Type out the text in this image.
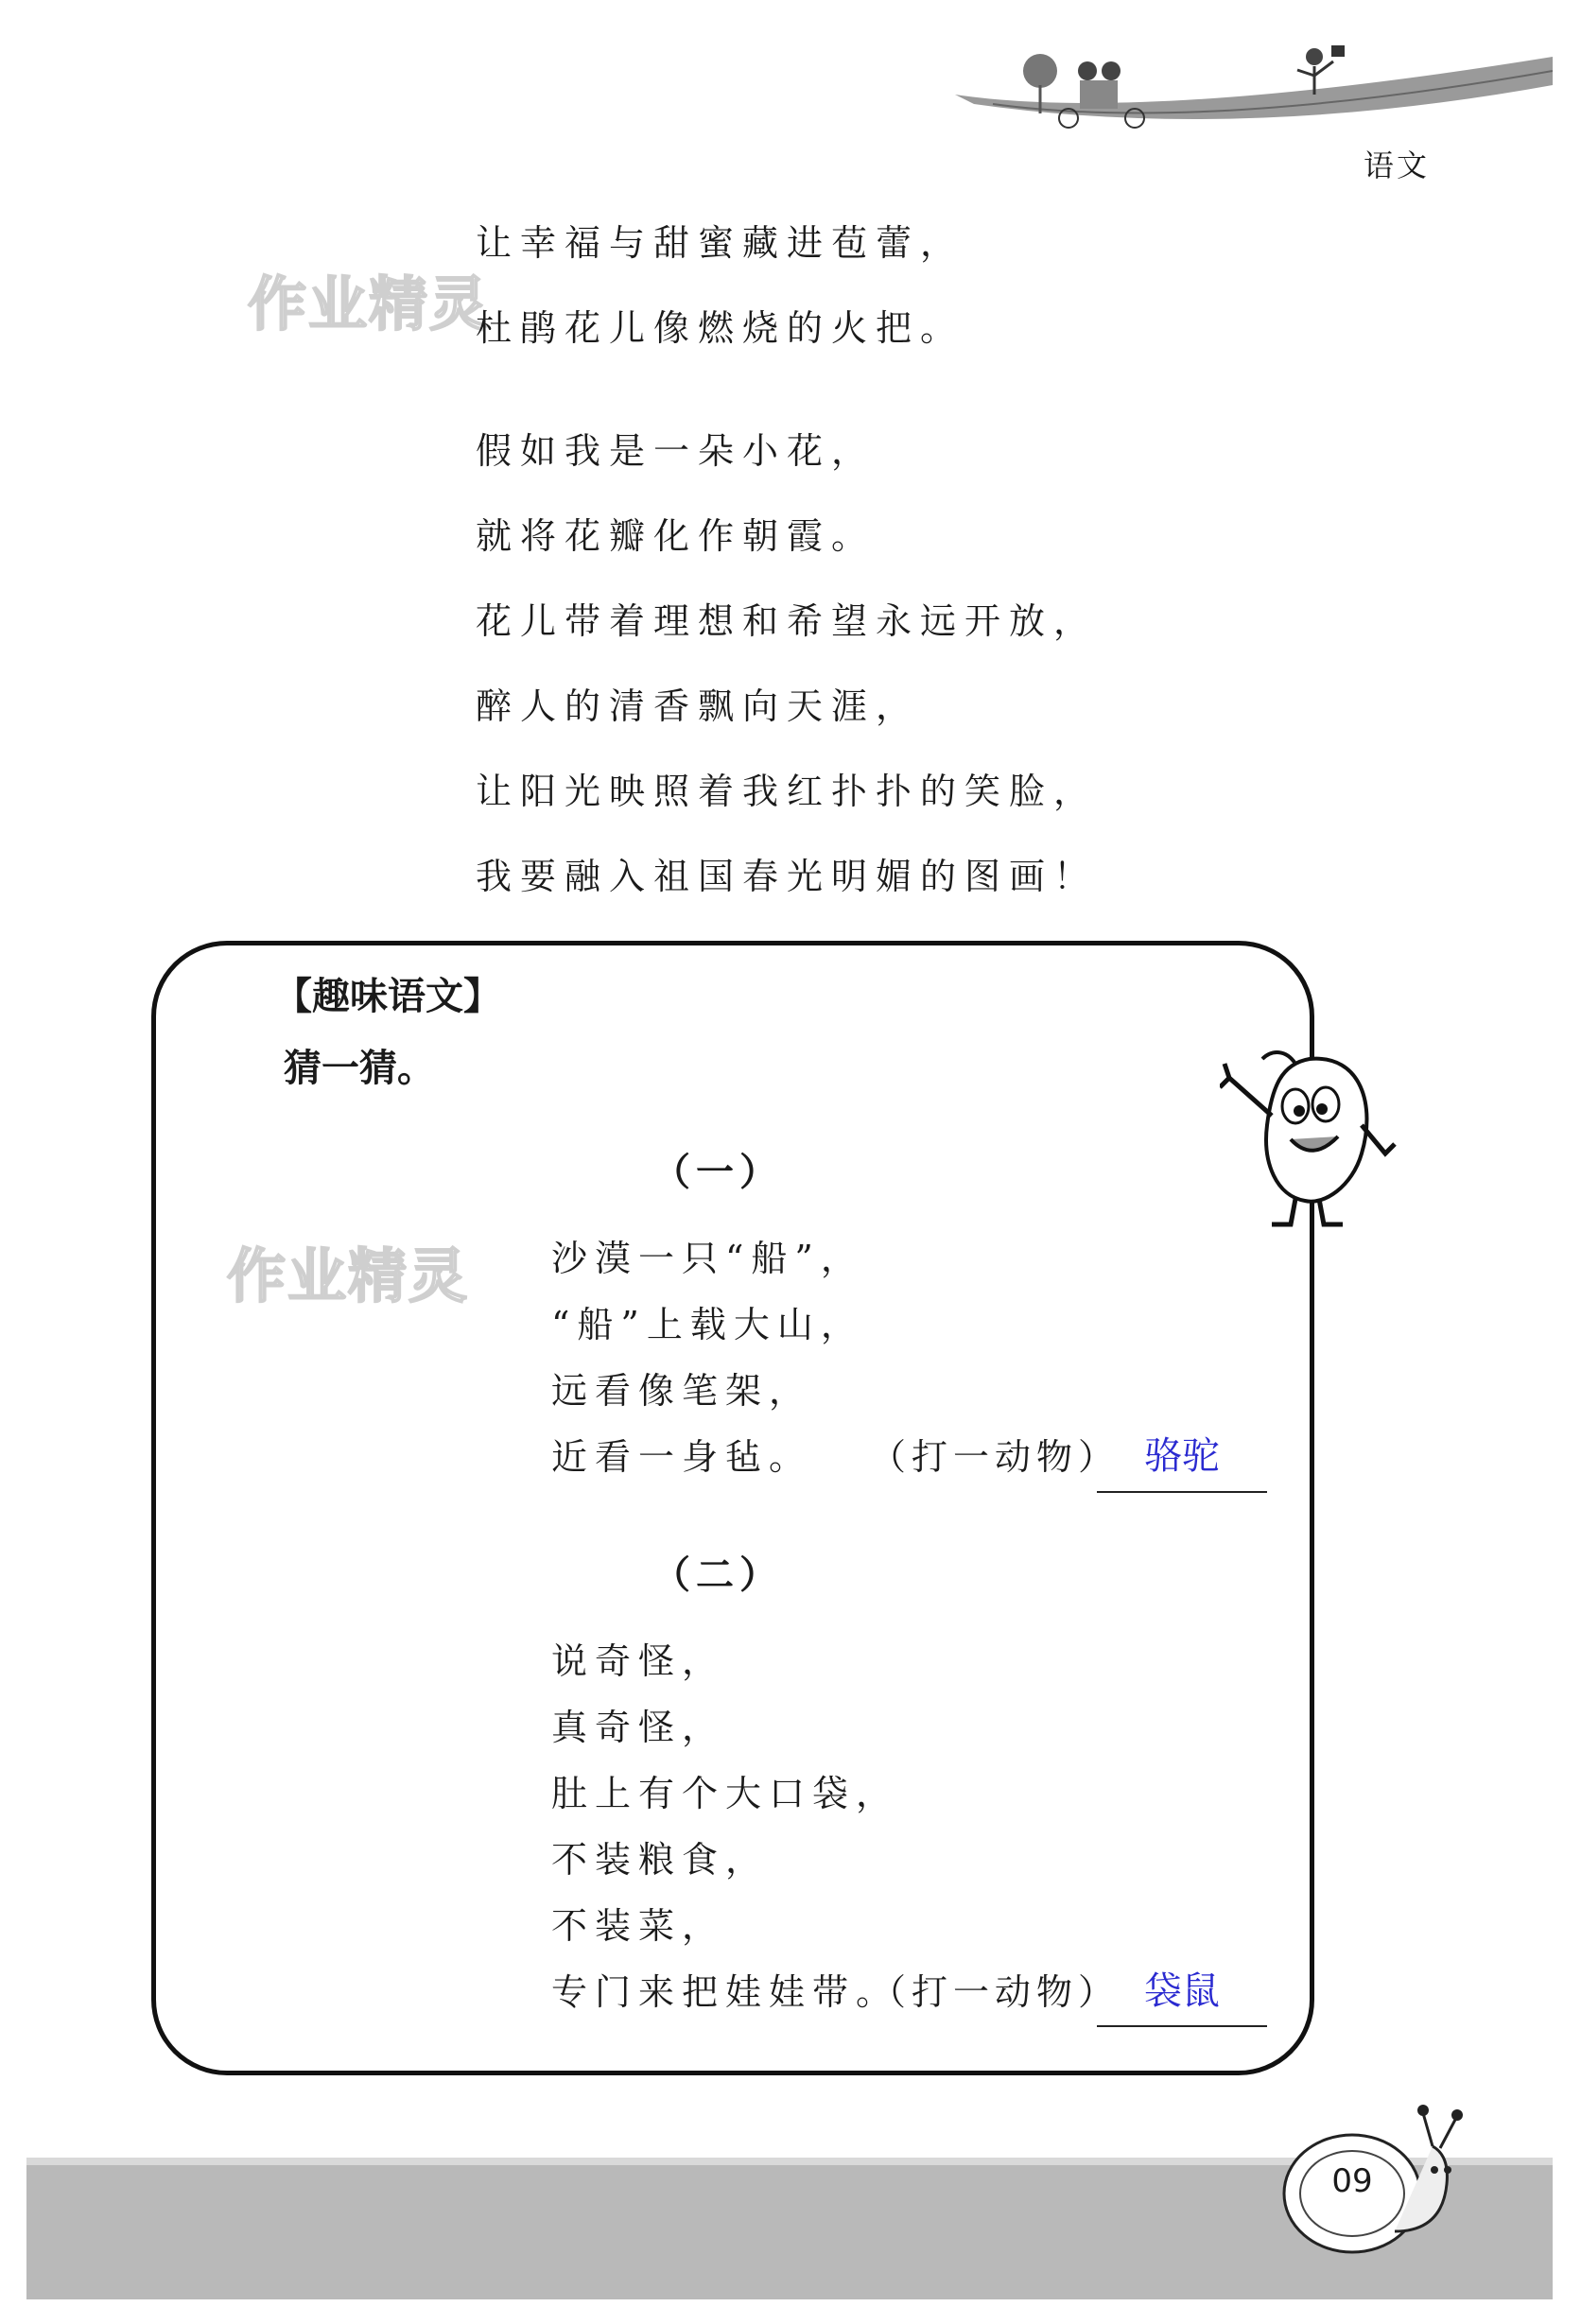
语文
作业精灵
作业精灵
让幸福与甜蜜藏进苞蕾，
杜鹃花儿像燃烧的火把。
假如我是一朵小花，
就将花瓣化作朝霞。
花儿带着理想和希望永远开放，
醉人的清香飘向天涯，
让阳光映照着我红扑扑的笑脸，
我要融入祖国春光明媚的图画！
【趣味语文】
猜一猜。
（一）
沙漠一只“船”，
“船”上载大山，
远看像笔架，
近看一身毡。 （打一动物） 骆驼
（二）
说奇怪，
真奇怪，
肚上有个大口袋，
不装粮食，
不装菜，
专门来把娃娃带。
（打一动物） 袋鼠
09
